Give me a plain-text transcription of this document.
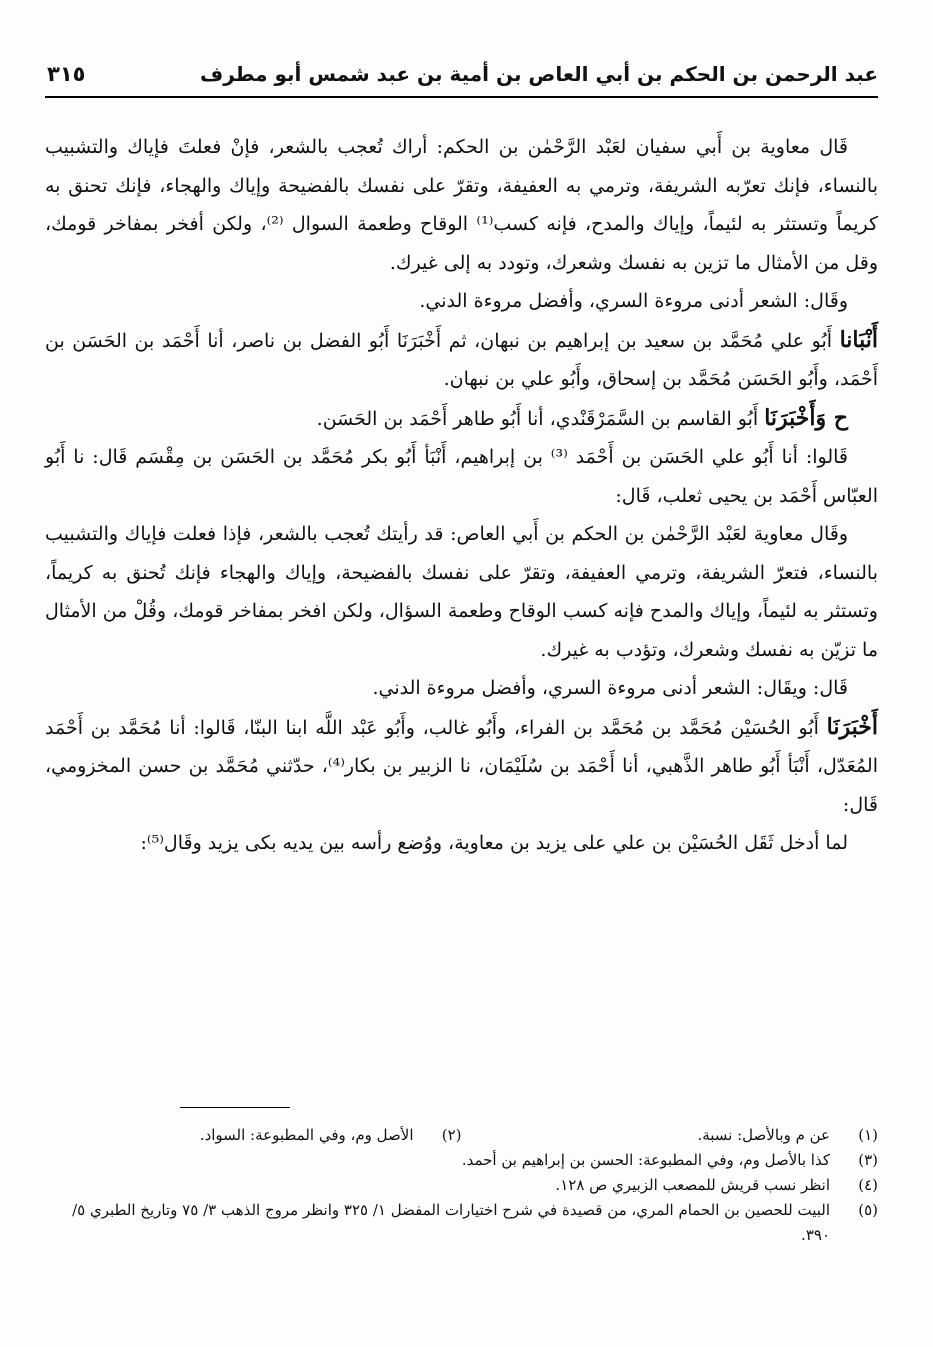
عبد الرحمن بن الحكم بن أبي العاص بن أمية بن عبد شمس أبو مطرف
٣١٥

قَال معاوية بن أَبي سفيان لعَبْد الرَّحْمٰن بن الحكم: أراك تُعجب بالشعر، فإنْ فعلتَ فإياك والتشبيب بالنساء، فإنك تعرّبه الشريفة، وترمي به العفيفة، وتقرّ على نفسك بالفضيحة وإياك والهجاء، فإنك تحنق به كريماً وتستثر به لئيماً، وإياك والمدح، فإنه كسب⁽¹⁾ الوقاح وطعمة السوال ⁽²⁾، ولكن أفخر بمفاخر قومك، وقل من الأمثال ما تزين به نفسك وشعرك، وتودد به إلى غيرك.

وقَال: الشعر أدنى مروءة السري، وأفضل مروءة الدني.

أَنْبَانا أَبُو علي مُحَمَّد بن سعيد بن إبراهيم بن نبهان، ثم أَخْبَرَنَا أَبُو الفضل بن ناصر، أنا أَحْمَد بن الحَسَن بن أَحْمَد، وأَبُو الحَسَن مُحَمَّد بن إسحاق، وأَبُو علي بن نبهان.

ح وَأَخْبَرَنَا أَبُو القاسم بن السَّمَرْقَنْدي، أنا أَبُو طاهر أَحْمَد بن الحَسَن.

قَالوا: أنا أَبُو علي الحَسَن بن أَحْمَد ⁽³⁾ بن إبراهيم، أَنْبَأ أَبُو بكر مُحَمَّد بن الحَسَن بن مِقْسَم قَال: نا أَبُو العبّاس أَحْمَد بن يحيى ثعلب، قَال:

وقَال معاوية لعَبْد الرَّحْمٰن بن الحكم بن أَبي العاص: قد رأيتك تُعجب بالشعر، فإذا فعلت فإياك والتشبيب بالنساء، فتعرّ الشريفة، وترمي العفيفة، وتقرّ على نفسك بالفضيحة، وإياك والهجاء فإنك تُحنق به كريماً، وتستثر به لئيماً، وإياك والمدح فإنه كسب الوقاح وطعمة السؤال، ولكن افخر بمفاخر قومك، وقُلْ من الأمثال ما تزيّن به نفسك وشعرك، وتؤدب به غيرك.

قَال: ويقَال: الشعر أدنى مروءة السري، وأفضل مروءة الدني.

أَخْبَرَنَا أَبُو الحُسَيْن مُحَمَّد بن مُحَمَّد بن الفراء، وأَبُو غالب، وأَبُو عَبْد اللَّه ابنا البنّا، قَالوا: أنا مُحَمَّد بن أَحْمَد المُعَدّل، أَنْبَأ أَبُو طاهر الذَّهبي، أنا أَحْمَد بن سُلَيْمَان، نا الزبير بن بكار⁽⁴⁾، حدّثني مُحَمَّد بن حسن المخزومي، قَال:

لما أدخل ثَقَل الحُسَيْن بن علي على يزيد بن معاوية، ووُضع رأسه بين يديه بكى يزيد وقَال⁽⁵⁾:

(١)
عن م وبالأصل: نسبة.
(٢)
الأصل وم، وفي المطبوعة: السواد.
(٣)
كذا بالأصل وم، وفي المطبوعة: الحسن بن إبراهيم بن أحمد.
(٤)
انظر نسب قريش للمصعب الزبيري ص ١٢٨.
(٥)
البيت للحصين بن الحمام المري، من قصيدة في شرح اختيارات المفضل ١/ ٣٢٥ وانظر مروج الذهب ٣/ ٧٥ وتاريخ الطبري ٥/ ٣٩٠.
